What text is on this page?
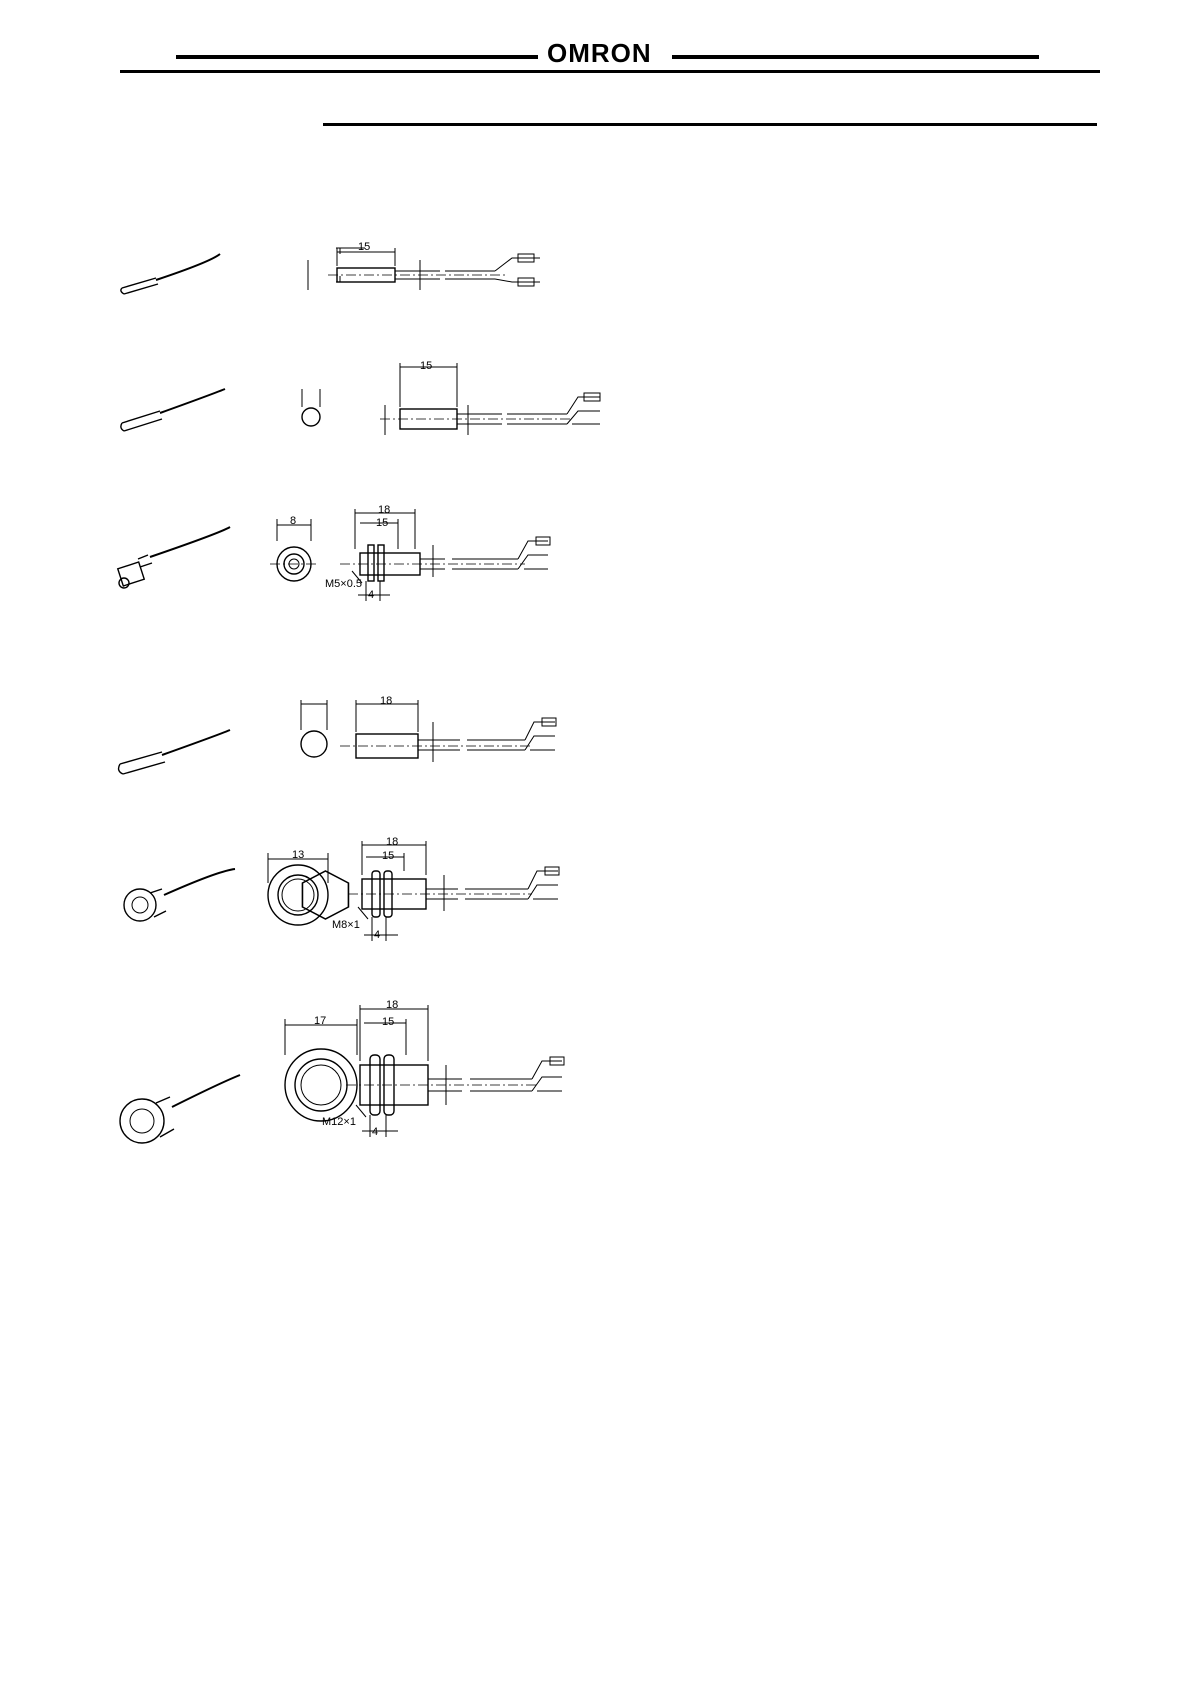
OMRON
15
15
18
15
8
M5×0.5
4
18
18
15
13
M8×1
4
18
15
17
M12×1
4
